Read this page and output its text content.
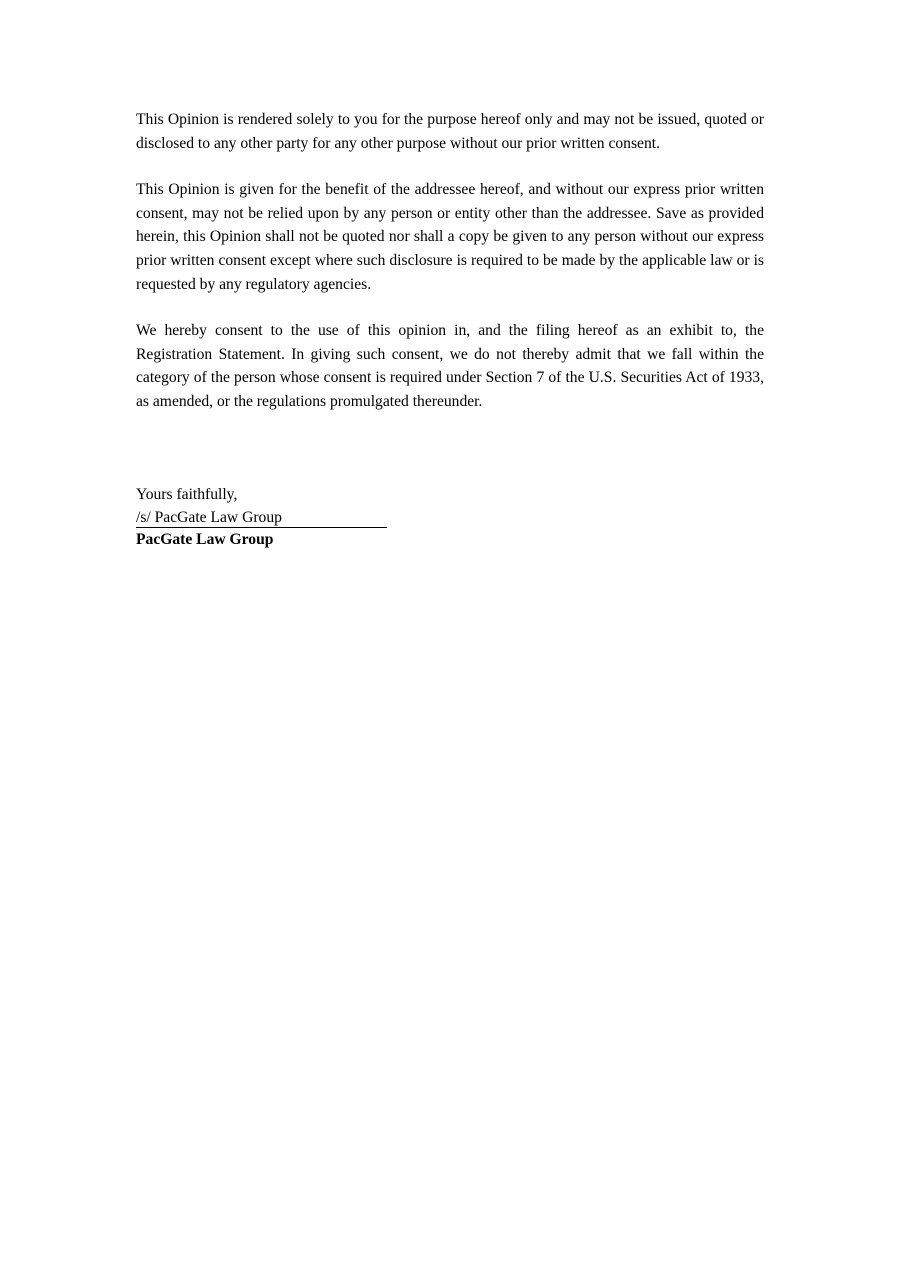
This Opinion is rendered solely to you for the purpose hereof only and may not be issued, quoted or disclosed to any other party for any other purpose without our prior written consent.

This Opinion is given for the benefit of the addressee hereof, and without our express prior written consent, may not be relied upon by any person or entity other than the addressee. Save as provided herein, this Opinion shall not be quoted nor shall a copy be given to any person without our express prior written consent except where such disclosure is required to be made by the applicable law or is requested by any regulatory agencies.

We hereby consent to the use of this opinion in, and the filing hereof as an exhibit to, the Registration Statement. In giving such consent, we do not thereby admit that we fall within the category of the person whose consent is required under Section 7 of the U.S. Securities Act of 1933, as amended, or the regulations promulgated thereunder.

Yours faithfully,

/s/ PacGate Law Group

PacGate Law Group
